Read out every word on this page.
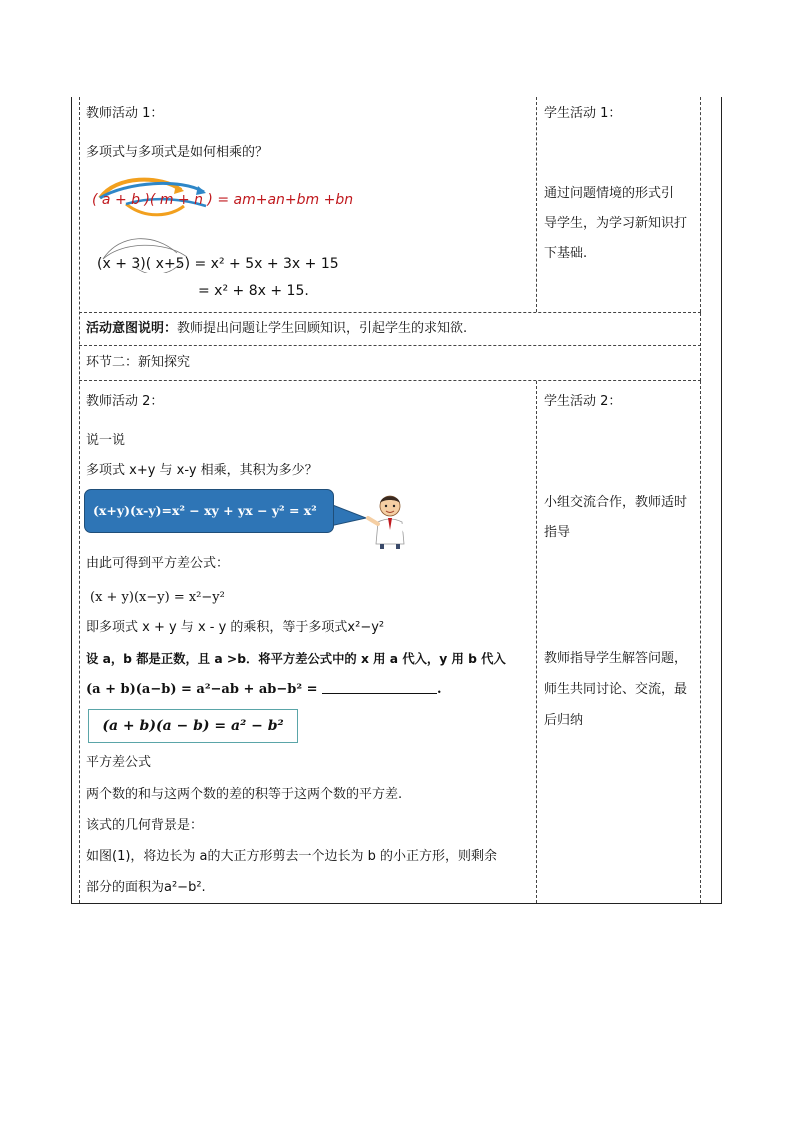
教师活动 1：
多项式与多项式是如何相乘的？
( a + b )( m + n ) = am+an+bm +bn
(x + 3)( x+5) = x² + 5x + 3x + 15
= x² + 8x + 15.
学生活动 1：
通过问题情境的形式引
导学生，为学习新知识打
下基础.
活动意图说明：教师提出问题让学生回顾知识，引起学生的求知欲.
环节二：新知探究
教师活动 2：
说一说
多项式 x+y 与 x-y 相乘，其积为多少？
(x+y)(x-y)=x² − xy + yx − y² = x² − y²
由此可得到平方差公式：
(x + y)(x−y) = x²−y²
即多项式 x + y 与 x - y 的乘积，等于多项式x²−y²
设 a，b 都是正数，且 a >b．将平方差公式中的 x 用 a 代入，y 用 b 代入
(a + b)(a−b) = a²−ab + ab−b² =	.
(a + b)(a − b) = a² − b²
平方差公式
两个数的和与这两个数的差的积等于这两个数的平方差.
该式的几何背景是：
如图(1)，将边长为 a的大正方形剪去一个边长为 b 的小正方形，则剩余
部分的面积为a²−b².
学生活动 2：
小组交流合作，教师适时
指导
教师指导学生解答问题，
师生共同讨论、交流，最
后归纳
